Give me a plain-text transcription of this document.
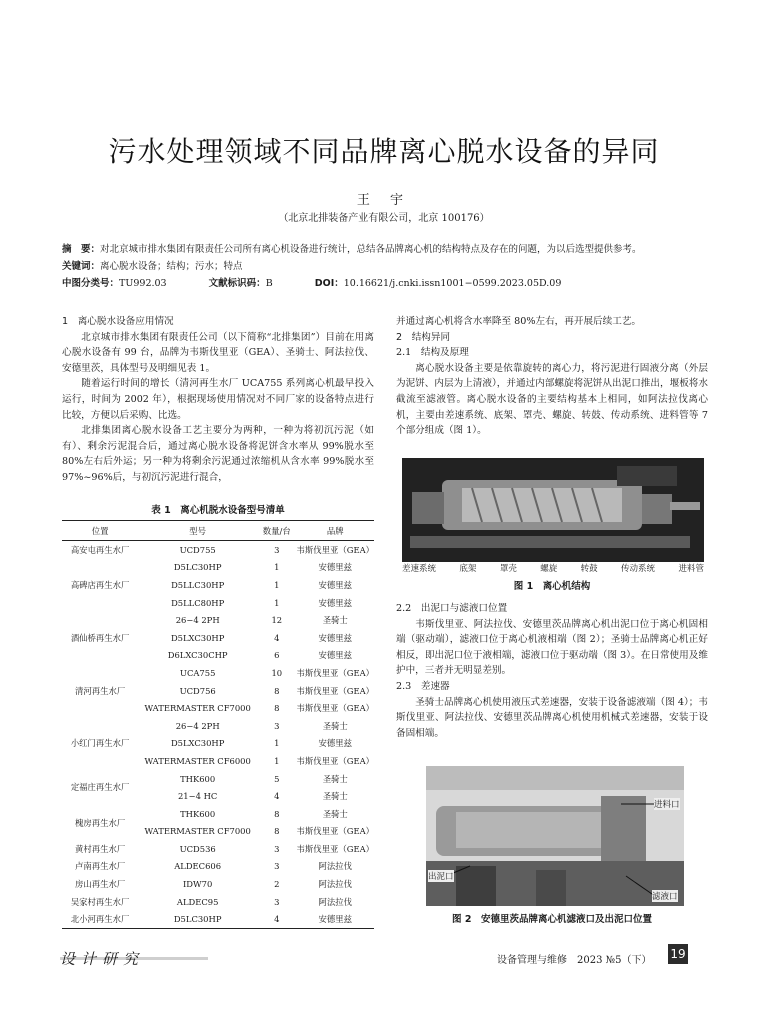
污水处理领域不同品牌离心脱水设备的异同
王 宇
（北京北排装备产业有限公司，北京 100176）
摘　要：对北京城市排水集团有限责任公司所有离心机设备进行统计，总结各品牌离心机的结构特点及存在的问题，为以后选型提供参考。
关键词：离心脱水设备；结构；污水；特点
中图分类号：TU992.03	文献标识码：B	DOI：10.16621/j.cnki.issn1001−0599.2023.05D.09
1　离心脱水设备应用情况

北京城市排水集团有限责任公司（以下简称“北排集团”）目前在用离心脱水设备有 99 台，品牌为韦斯伐里亚（GEA）、圣骑士、阿法拉伐、安德里茨，具体型号及明细见表 1。

随着运行时间的增长（清河再生水厂 UCA755 系列离心机最早投入运行，时间为 2002 年），根据现场使用情况对不同厂家的设备特点进行比较，方便以后采购、比选。

北排集团离心脱水设备工艺主要分为两种，一种为将初沉污泥（如有）、剩余污泥混合后，通过离心脱水设备将泥饼含水率从 99%脱水至 80%左右后外运；另一种为将剩余污泥通过浓缩机从含水率 99%脱水至 97%~96%后，与初沉污泥进行混合，

表 1　离心机脱水设备型号清单
位置	型号	数量/台	品牌
高安屯再生水厂	UCD755	3	韦斯伐里亚（GEA）
高碑店再生水厂	D5LC30HP	1	安德里兹
	D5LLC30HP	1	安德里兹
	D5LLC80HP	1	安德里兹
酒仙桥再生水厂	26−4 2PH	12	圣骑士
	D5LXC30HP	4	安德里兹
	D6LXC30CHP	6	安德里兹
清河再生水厂	UCA755	10	韦斯伐里亚（GEA）
	UCD756	8	韦斯伐里亚（GEA）
	WATERMASTER CF7000	8	韦斯伐里亚（GEA）
小红门再生水厂	26−4 2PH	3	圣骑士
	D5LXC30HP	1	安德里兹
	WATERMASTER CF6000	1	韦斯伐里亚（GEA）
定福庄再生水厂	THK600	5	圣骑士
	21−4 HC	4	圣骑士
槐房再生水厂	THK600	8	圣骑士
	WATERMASTER CF7000	8	韦斯伐里亚（GEA）
黄村再生水厂	UCD536	3	韦斯伐里亚（GEA）
卢南再生水厂	ALDEC606	3	阿法拉伐
房山再生水厂	IDW70	2	阿法拉伐
吴家村再生水厂	ALDEC95	3	阿法拉伐
北小河再生水厂	D5LC30HP	4	安德里兹
并通过离心机将含水率降至 80%左右，再开展后续工艺。
2　结构异同
2.1　结构及原理

离心脱水设备主要是依靠旋转的离心力，将污泥进行固液分离（外层为泥饼、内层为上清液），并通过内部螺旋将泥饼从出泥口推出，堰板将水截流至滤液管。离心脱水设备的主要结构基本上相同，如阿法拉伐离心机，主要由差速系统、底架、罩壳、螺旋、转鼓、传动系统、进料管等 7 个部分组成（图 1）。

差速系统	底架	罩壳	螺旋	转鼓	传动系统	进料管
图 1　离心机结构
2.2　出泥口与滤液口位置

韦斯伐里亚、阿法拉伐、安德里茨品牌离心机出泥口位于离心机固相端（驱动端），滤液口位于离心机液相端（图 2）；圣骑士品牌离心机正好相反，即出泥口位于液相端，滤液口位于驱动端（图 3）。在日常使用及维护中，三者并无明显差别。

2.3　差速器

圣骑士品牌离心机使用液压式差速器，安装于设备滤液端（图 4）；韦斯伐里亚、阿法拉伐、安德里茨品牌离心机使用机械式差速器，安装于设备固相端。

进料口
出泥口
滤液口
图 2　安德里茨品牌离心机滤液口及出泥口位置
设计研究	设备管理与维修　2023 №5（下） 19
